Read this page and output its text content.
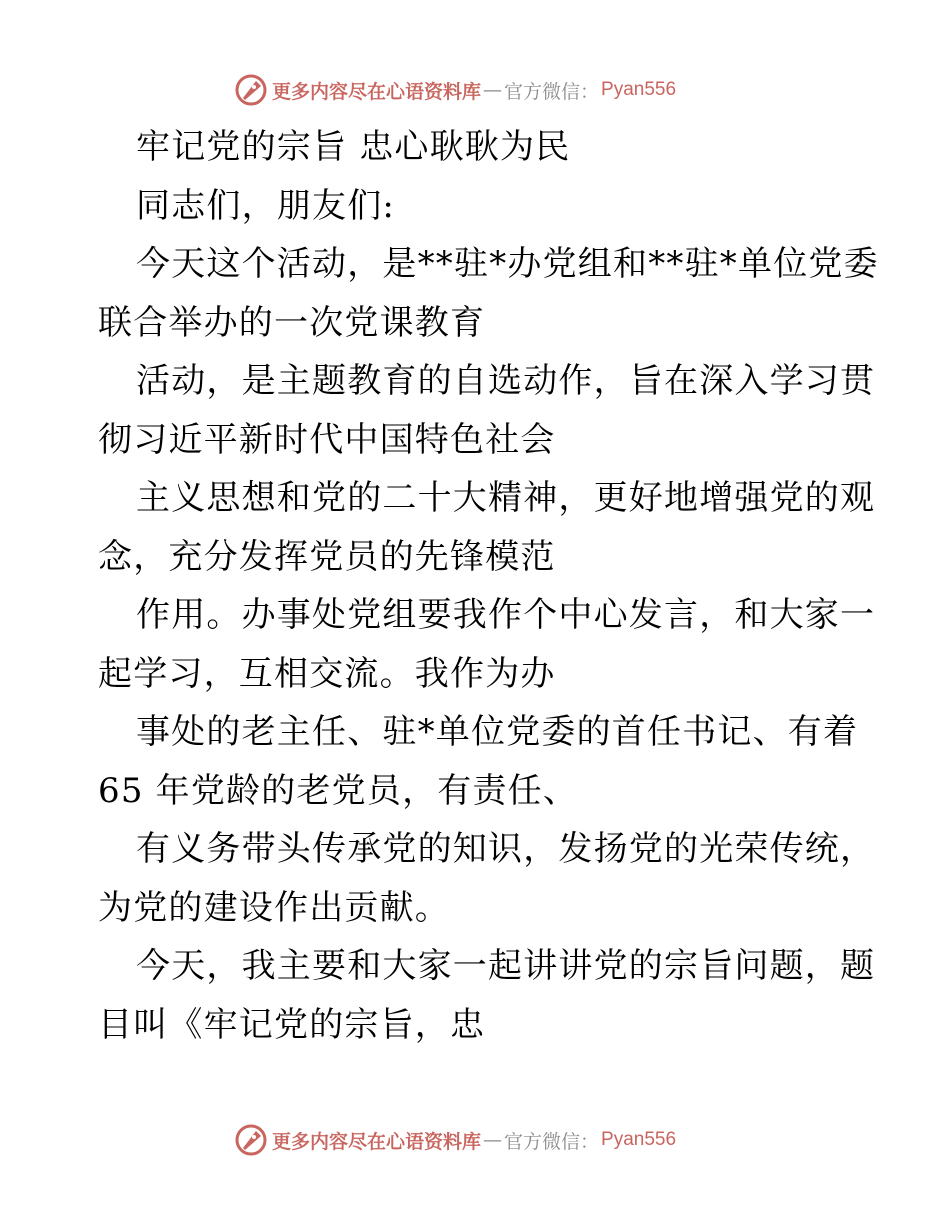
更多内容尽在心语资料库 — 官方微信： Pyan556
牢记党的宗旨 忠心耿耿为民
同志们，朋友们:
今天这个活动，是**驻*办党组和**驻*单位党委
联合举办的一次党课教育
活动，是主题教育的自选动作，旨在深入学习贯
彻习近平新时代中国特色社会
主义思想和党的二十大精神，更好地增强党的观
念，充分发挥党员的先锋模范
作用。办事处党组要我作个中心发言，和大家一
起学习，互相交流。我作为办
事处的老主任、驻*单位党委的首任书记、有着
65 年党龄的老党员，有责任、
有义务带头传承党的知识，发扬党的光荣传统，
为党的建设作出贡献。
今天，我主要和大家一起讲讲党的宗旨问题，题
目叫《牢记党的宗旨，忠
更多内容尽在心语资料库 — 官方微信： Pyan556
